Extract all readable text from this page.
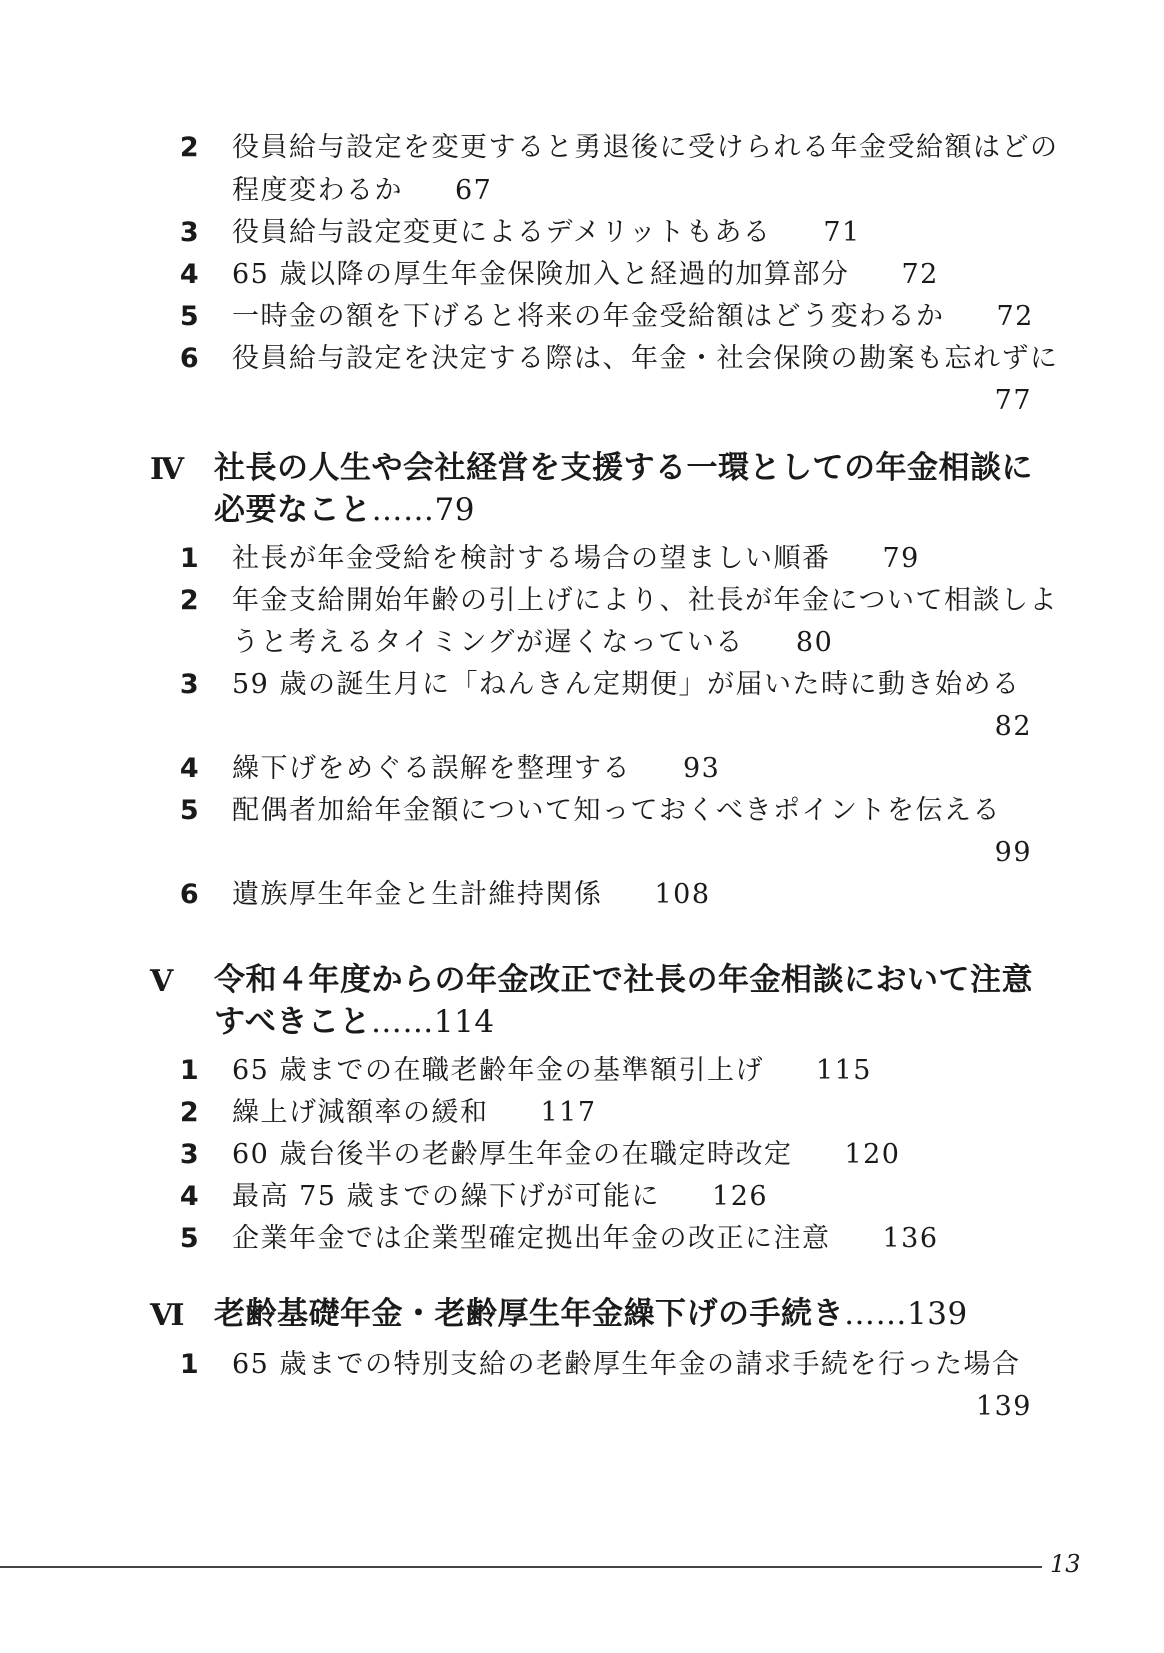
2 役員給与設定を変更すると勇退後に受けられる年金受給額はどの
程度変わるか 67
3 役員給与設定変更によるデメリットもある 71
4 65 歳以降の厚生年金保険加入と経過的加算部分 72
5 一時金の額を下げると将来の年金受給額はどう変わるか 72
6 役員給与設定を決定する際は、年金・社会保険の勘案も忘れずに
77
Ⅳ	社長の人生や会社経営を支援する一環としての年金相談に
必要なこと……79
1 社長が年金受給を検討する場合の望ましい順番 79
2 年金支給開始年齢の引上げにより、社長が年金について相談しよ
うと考えるタイミングが遅くなっている 80
3 59 歳の誕生月に「ねんきん定期便」が届いた時に動き始める
82
4 繰下げをめぐる誤解を整理する 93
5 配偶者加給年金額について知っておくべきポイントを伝える
99
6 遺族厚生年金と生計維持関係 108
Ⅴ	令和４年度からの年金改正で社長の年金相談において注意
すべきこと……114
1 65 歳までの在職老齢年金の基準額引上げ 115
2 繰上げ減額率の緩和 117
3 60 歳台後半の老齢厚生年金の在職定時改定 120
4 最高 75 歳までの繰下げが可能に 126
5 企業年金では企業型確定拠出年金の改正に注意 136
Ⅵ	老齢基礎年金・老齢厚生年金繰下げの手続き……139
1 65 歳までの特別支給の老齢厚生年金の請求手続を行った場合
139
13
